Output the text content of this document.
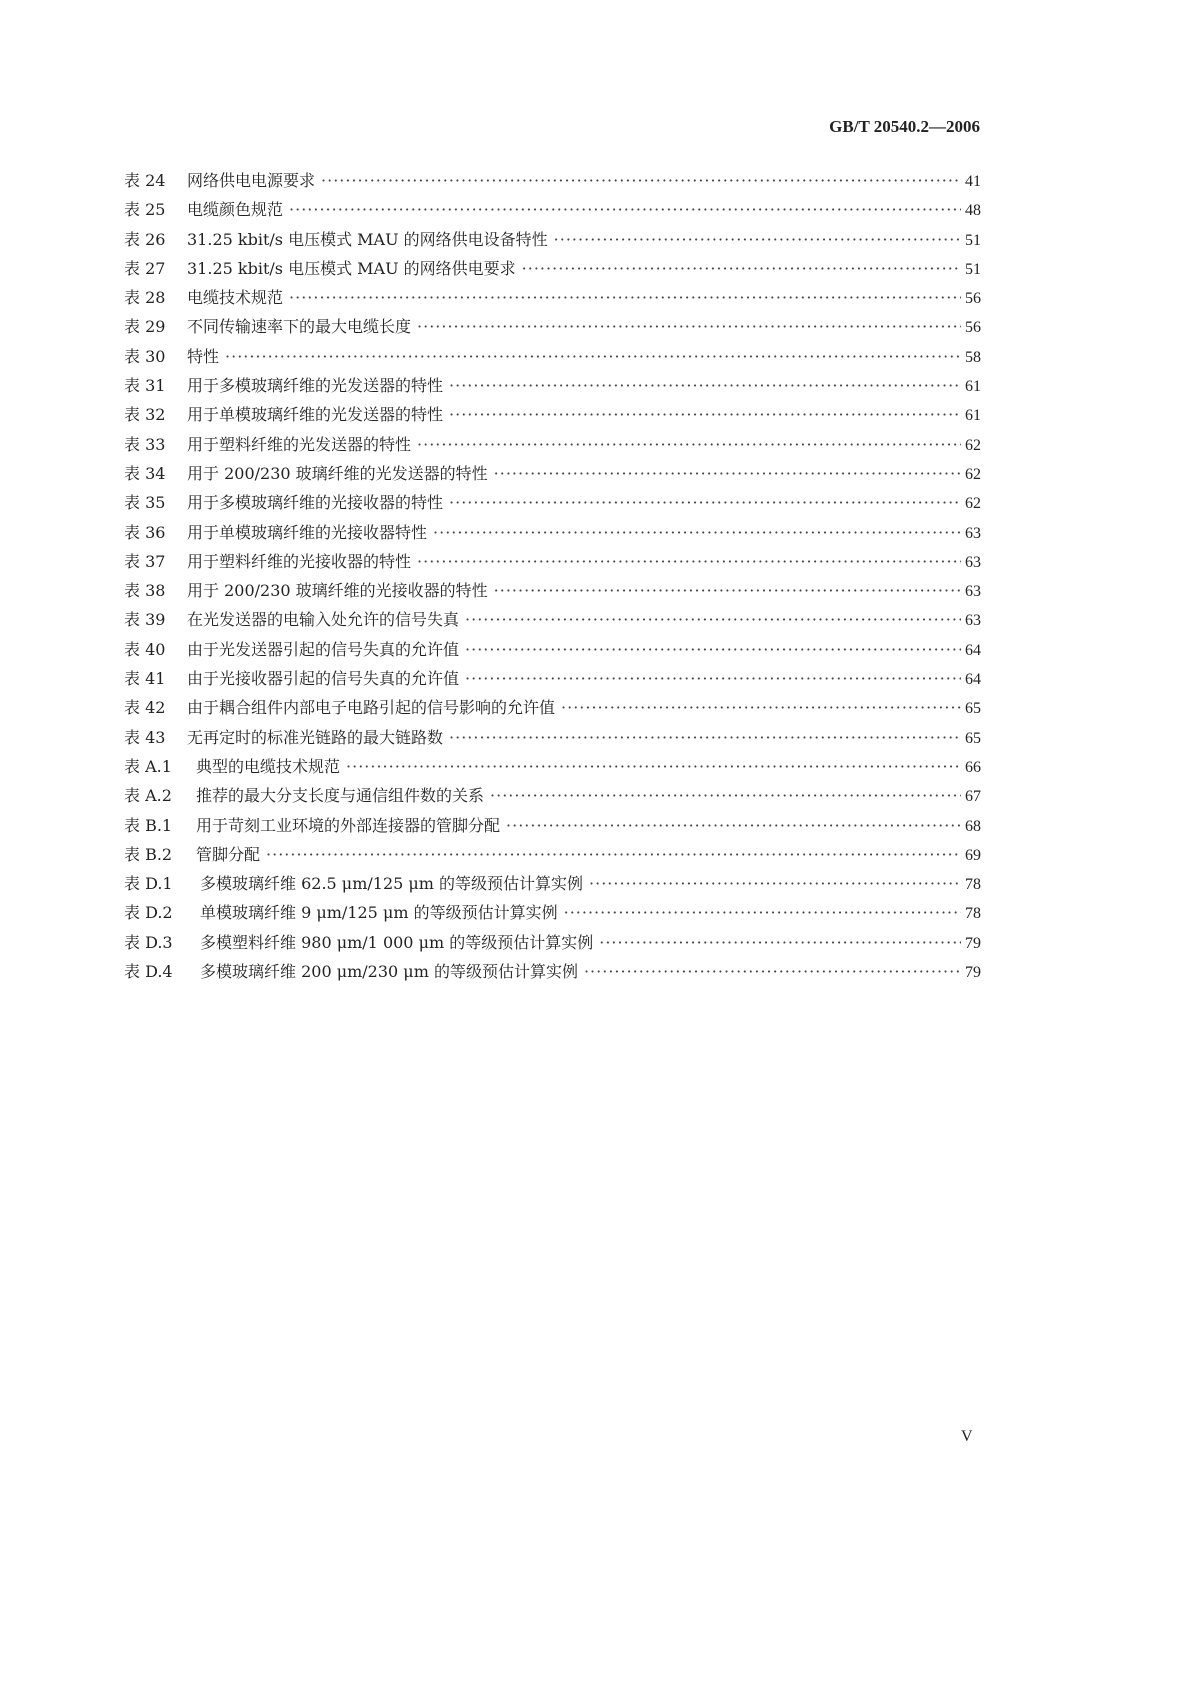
GB/T 20540.2—2006
表 24	网络供电电源要求 ·····	41
表 25	电缆颜色规范 ·····	48
表 26	31.25 kbit/s 电压模式 MAU 的网络供电设备特性 ·····	51
表 27	31.25 kbit/s 电压模式 MAU 的网络供电要求 ·····	51
表 28	电缆技术规范 ·····	56
表 29	不同传输速率下的最大电缆长度 ·····	56
表 30	特性 ·····	58
表 31	用于多模玻璃纤维的光发送器的特性 ·····	61
表 32	用于单模玻璃纤维的光发送器的特性 ·····	61
表 33	用于塑料纤维的光发送器的特性 ·····	62
表 34	用于 200/230 玻璃纤维的光发送器的特性 ·····	62
表 35	用于多模玻璃纤维的光接收器的特性 ·····	62
表 36	用于单模玻璃纤维的光接收器特性 ·····	63
表 37	用于塑料纤维的光接收器的特性 ·····	63
表 38	用于 200/230 玻璃纤维的光接收器的特性 ·····	63
表 39	在光发送器的电输入处允许的信号失真 ·····	63
表 40	由于光发送器引起的信号失真的允许值 ·····	64
表 41	由于光接收器引起的信号失真的允许值 ·····	64
表 42	由于耦合组件内部电子电路引起的信号影响的允许值 ·····	65
表 43	无再定时的标准光链路的最大链路数 ·····	65
表 A.1	典型的电缆技术规范 ·····	66
表 A.2	推荐的最大分支长度与通信组件数的关系 ·····	67
表 B.1	用于苛刻工业环境的外部连接器的管脚分配 ·····	68
表 B.2	管脚分配 ·····	69
表 D.1	多模玻璃纤维 62.5 μm/125 μm 的等级预估计算实例 ·····	78
表 D.2	单模玻璃纤维 9 μm/125 μm 的等级预估计算实例 ·····	78
表 D.3	多模塑料纤维 980 μm/1 000 μm 的等级预估计算实例 ·····	79
表 D.4	多模玻璃纤维 200 μm/230 μm 的等级预估计算实例 ·····	79
V
